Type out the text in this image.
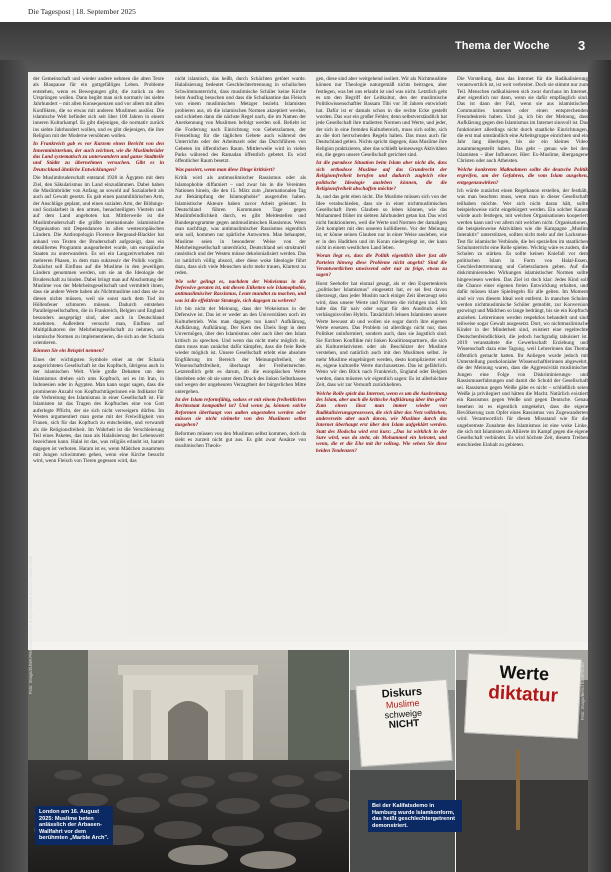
Die Tagespost | 18. September 2025
Thema der Woche 3

der Gemeinschaft und wieder andere nehmen die alten Texte als Blaupause für ein gottgefälliges Leben. Probleme entstehen, wenn es Bewegungen gibt, die zurück zu den Ursprüngen wollen. Dann begibt man sich normativ ins siebte Jahrhundert – mit allen Konsequenzen und vor allem mit allen Konflikten, die so etwas mit anderen Muslimen auslöst. Die islamische Welt befindet sich seit über 100 Jahren in einem inneren Kulturkampf. Es gibt diejenigen, die normativ zurück ins siebte Jahrhundert wollen, und es gibt diejenigen, die ihre Religion mit der Moderne versöhnen wollen.

In Frankreich gab es vor Kurzem einen Bericht von den Innenministerium, der auch zeichnet, wie die Muslimbrüder das Land systematisch zu unterwandern und ganze Stadtteile und Städte zu übernehmen versuchen. Gibt es in Deutschland ähnliche Entwicklungen?

Die Muslimbruderschaft entstand 1928 in Ägypten mit dem Ziel, den Säkularismus im Land einzudämmen. Dabei haben die Muslimbrüder von Anfang an sowohl auf Sozialarbeit als auch auf Gewalt gesetzt. Es gab einen paramilitärischen Arm, der Anschläge geplant, und einen sozialen Arm, der Bildungs- und Sozialarbeit in den armen, benachteiligten Vierteln und auf dem Land angeboten hat. Mittlerweile ist die Muslimbruderschaft die größte internationale islamistische Organisation mit Dependancen in allen westeuropäischen Ländern. Die Anthropologin Florence Bergeaud-Blackler hat anhand von Texten der Bruderschaft aufgezeigt, dass ein detailliertes Programm ausgearbeitet wurde, um europäische Staaten zu unterwandern. Es sei ein Langzeitvorhaben mit mehreren Phasen, in dem man sukzessiv der Politik vorgibt. Zunächst soll Einfluss auf die Muslime in den jeweiligen Ländern genommen werden, um sie an die Ideologie der Bruderschaft zu binden. Dabei bringt man auf Abschottung der Muslime von der Mehrheitsgesellschaft und vermittelt ihnen, dass sie andere Werte haben als Nichtmuslime und dass sie zu diesen nichts müssen, weil sie sonst nach dem Tod im Höllenfeuer schmoren müssen. Dadurch entstehen Parallelgesellschaften, die in Frankreich, Belgien und England besonders ausgeprägt sind, aber auch in Deutschland zunehmen. Außerdem versucht man, Einfluss auf Multiplikatoren der Mehrheitsgesellschaft zu nehmen, um islamische Normen zu implementieren, die sich an der Scharia orientieren.

Können Sie ein Beispiel nennen?

Eines der wichtigsten Symbole einer an der Scharia ausgerichteten Gesellschaft ist das Kopftuch, übrigens auch in der islamischen Welt. Viele große Debatten um den Islamismus drehen sich ums Kopftuch, sei es im Iran, in Indonesien oder in Ägypten. Man kann sogar sagen, dass die prominente Anzahl von Kopftuchträgerinnen ein Indikator für die Verbreitung des Islamismus in einer Gesellschaft ist. Für Islamisten ist das Tragen des Kopftuches eine von Gott auferlegte Pflicht, der sie sich nicht verweigern dürfen. Im Westen argumentiert man gerne mit der Freiwilligkeit von Frauen, sich für das Kopftuch zu entscheiden, und verwandt als die Religionsfreiheit. Im Wahrheit ist die Verschleierung Teil eines Paketes, das man als Halalisierung der Lebenswelt bezeichnen kann. Halal ist das, was religiös erlaubt ist, haram dagegen ist verboten. Haram ist es, wenn Mädchen zusammen mit Jungen schwimmen gehen, wenn eine Kirche besucht wird, wenn Fleisch von Tieren gegessen wird, das

nicht islamisch, das heißt, durch Schächten getötet wurde. Halalisierung bedeutet Geschlechtertrennung in schulischen Schwimmunterricht, dass muslimische Schüler keine Kirche beim Ausflug besuchen und dass die Schulkantine das Fleisch von einem muslimischen Metzger bezieht. Islamisten probieren aus, ob die islamischen Normen akzeptiert werden, und schieben dann die nächste Regel nach, die im Namen der Anerkennung von Muslimen befolgt werden soll. Beliebt ist die Forderung nach Einrichtung von Gebetsräumen, der Freistellung für die täglichen Gebete auch während des Unterrichts oder der Arbeitszeit oder das Durchführen von Gebeten im öffentlichen Raum. Mittlerweile wird in vielen Parks während des Ramadan öffentlich gebetet. Es wird öffentlicher Raum besetzt.

Was passiert, wenn man diese Dinge kritisiert?

Kritik wird als antimuslimischer Rassismus oder als Islamophobie diffamiert – und zwar bis in die Vereinten Nationen hinein, die den 15. März zum „Internationalen Tag zur Bekämpfung der Islamophobie" ausgerufen haben. Islamistische Akteure haben zuvor Arbeit geleistet. In Deutschland führen Kommunen Tage gegen Muslimfeindlichkeit durch, es gibt Meldestellen und Bundesprogramme gegen antimuslimischen Rassismus. Wenn man nachfragt, was antimuslimischer Rassismus eigentlich sein soll, kommen nur spärliche Antworten. Man behauptet, Muslime seien in besonderer Weise von der Mehrheitsgesellschaft unterdrückt, Deutschland sei strukturell rassistisch und der Westen müsse dekolonialisiert werden. Das ist natürlich völlig absurd, aber diese woke Ideologie führt dazu, dass sich viele Menschen nicht mehr trauen, Klartext zu reden.

Wie sehr gelingt es, nachdem der Wokeismus in die Defensive geraten ist, mit diesen Etiketten wie Islamophobie, antimuslimischer Rassismus, Leute mundtot zu machen, und was ist die effektivste Strategie, sich dagegen zu wehren?

Ich bin nicht der Meinung, dass der Wokeismus in der Defensive ist. Das ist er weder an den Universitäten noch im Kulturbetrieb. Was man dagegen tun kann? Aufklärung, Aufklärung, Aufklärung. Der Kern des Übels liegt in dem Unvermögen, über den Islamismus oder auch über den Islam kritisch zu sprechen. Und wenn das nicht mehr möglich ist, dann muss man zunächst dafür kämpfen, dass die freie Rede wieder möglich ist. Unsere Gesellschaft erlebt eine absolute Engführung im Bereich der Meinungsfreiheit, der Wissenschaftsfreiheit, überhaupt der Freiheitsrechte. Letztendlich geht es darum, ob die europäischen Werte überleben oder ob sie unter dem Druck des linken Selbsthasses und wegen der ungeheuren Verzagtheit der bürgerlichen Mitte untergehen.

Ist der Islam reformfähig, sodass er mit einem freiheitlichen Rechtsstaat kompatibel ist? Und wenn ja, können solche Reformen überhaupt von außen angestoßen werden oder müssen sie nicht vielmehr von den Muslimen selbst ausgehen?

Reformen müssen von den Muslimen selbst kommen, doch da sieht es zurzeit nicht gut aus. Es gibt zwar Ansätze von muslimischen Theolo-

gen, diese sind aber weitgehend isoliert. Wir als Nichtmuslime können nur Theologie naturgemäß nichts beitragen, aber festlegen, was bei uns erlaubt ist und was nicht. Letztlich geht es um den Begriff der Leitkultur, den der muslimische Politikwissenschaftler Bassam Tibi vor 30 Jahren entwickelt hat. Dafür ist er damals schon in die rechte Ecke gestellt worden. Das war ein großer Fehler, denn selbstverständlich hat jede Gesellschaft ihre tradierten Normen und Werte, und jeder, der sich in eine fremden Kulturbereich, muss sich sollte, sich an die dort herrschenden Regeln halten. Das muss auch für Deutschland gelten. Nichts spricht dagegen, dass Muslime ihre Religion praktizieren, aber das schließt keineswegs Aktivitäten ein, die gegen unsere Gesellschaft gerichtet sind.

Ist die paradoxe Situation beim Islam aber nicht die, dass sich orthodoxe Muslime auf das Grundrecht der Religionsfreiheit berufen und dadurch zugleich eine politische Ideologie ausleben können, die die Religionsfreiheit abschaffen möchte?

Ja, und das geht eben nicht. Die Muslime müssen sich von der Idee verabschieden, dass sie in einer nichtmuslimischen Gesellschaft ihren Glauben so leben können, wie das Mohammed früher im siebten Jahrhundert getan hat. Das wird nicht funktionieren, weil die Werte und Normen der damaligen Zeit komplett mit den unseren kollidieren. Vor der Meinung ist, er könne seinen Glauben nur in einer Weise ausleben, wie er in den Hadithen und im Koran niedergelegt ist, der kann nicht in einem westlichen Land leben.

Woran liegt es, dass die Politik eigentlich über fast alle Parteien hinweg diese Probleme nicht angeht? Sind die Verantwortlichen unwissend oder nur zu feige, etwas zu sagen?

Horst Seehofer hat einmal gesagt, als er den Expertenkreis „politischer Islamismus" eingesetzt hat, er sei fest davon überzeugt, dass jeder Muslim nach einiger Zeit überzeugt sein wird, dass unsere Werte und Normen die richtigen sind. Ich halte das für naiv oder sogar für den Ausdruck einer verhängnisvollen Hybris. Tatsächlich lehnen Islamisten unsere Werte bewusst ab und wollen sie sogar durch ihre eigenen Werte ersetzen. Das Problem ist allerdings nicht nur, dass Politiker uninformiert, sondern auch, dass sie ängstlich sind. Sie fürchten Konflikte mit linken Koalitionspartnern, die sich als Kulturrelativisten oder als Beschützer der Muslime verstehen, und natürlich auch mit den Muslimen selbst. Je mehr Muslime eingebürgert werden, desto komplizierter wird es, eigene kulturelle Werte durchzusetzen. Das ist gefährlich. Wenn wir den Blick nach Frankreich, England oder Belgien werden, dann müssten wir eigentlich sagen: Es ist allerhöchste Zeit, dass wir zur Vernunft zurückkehren.

Welche Rolle spielt das Internet, wenn es um die Ausbreitung des Islam, aber auch die kritische Aufklärung über ihn geht? Zum einen lässt man immer wieder von Radikalisierungsprozessen, die sich über das Netz vollziehen, andererseits aber auch davon, wie Muslime durch das Internet überhaupt erst über den Islam aufgeklärt werden. Statt des Hodscha wird erst kurz: „Das ist wirklich in der Sure wird, was da steht, als Mohammed ein heiratet, und wenn, die er die Ehe mit ihr vollzog. Wie sehen Sie diese beiden Tendenzen?

Die Vorstellung, dass das Internet für die Radikalisierung verantwortlich ist, ist weit verbreitet. Doch sie stimmt nur zum Teil. Menschen radikalisieren sich zwar durchaus im Internet, aber eigentlich nur dann, wenn sie dafür empfänglich sind. Das ist dann der Fall, wenn sie aus islamistischen Communities kommen oder einen entsprechenden Freundeskreis haben. Und ja, ich bin der Meinung, dass Aufklärung gegen den Islamismus im Internet sinnvoll ist. Das funktioniert allerdings nicht durch staatliche Einrichtungen, die erst mal umständlich eine Arbeitsgruppe einrichten und ein Jahr lang überlegen, bis sie ein kleines Video zusammengestellt haben. Das geht – genau wie bei den Islamisten – über Influencer. Hier: Ex-Muslime, übergangene Christen oder auch Atheisten.

Welche konkreten Maßnahmen sollte die deutsche Politik ergreifen, um der Gefahren, die vom Islam ausgehen, entgegenzuwirken?

Ich würde zunächst einen Regelkanon erstellen, der festhält, was man beachten muss, wenn man in dieser Gesellschaft teilhaben möchte. Wer sich nicht daran hält, sollte beispielsweise nicht eingebürgert werden. Ein solcher Kanon würde auch festlegen, mit welchen Organisationen kooperiert werden kann und vor allem mit welchen nicht. Organisationen, die beispielsweise Aktivitäten wie die Kampagne „Muslim Interaktiv" unterstützen, sollten nicht mehr auf der Lacksmus-Test für islamische Verbünde, die bei speziellen im staatlichen Schulunterricht eine Rolle spielen. Wichtig wäre es zudem, die Schulen zu stärken. Es sollte keinen Kniefall vor dem politischen Islam in Form von Halal-Essen, Geschlechtertrennung und Gebetsräumen geben. Auf die diskriminierenden Wirkungen islamistischer Normen sollte hingewiesen werden. Das Ziel ist doch klar: Jedes Kind soll die Chance einer eigenen freien Entwicklung erhalten, und dafür müssen klare Spielregeln für alle gelten. Im Moment sind wir von diesem Ideal weit entfernt. In manchen Schulen werden nichtmuslimische Schüler gemobbt, zur Konversion gezwingt und Mädchen so lange bedrängt, bis sie ein Kopftuch anziehen. Lehrerinnen werden respektlos behandelt und sind teilweise sogar Gewalt ausgesetzt. Dort, wo nichtmuslimische Kinder in der Minderheit sind, existiert eine regelrechte Deutschenfeindlichkeit, die jedoch hochgradig tabuisiert ist. 2019 veranstaltete die Gewerkschaft Erziehung und Wissenschaft dazu eine Tagung, weil Lehrerinnen das Thema öffentlich gemacht hatten. Ihr Anliegen wurde jedoch mit Unterstellung postkolonialer Wissenschaftlerinnen abgewehrt, die der Meinung waren, dass die Aggressivität muslimischer Jungen eine Folge von Diskriminierungs- und Rassismuserfahrungen und damit die Schuld der Gesellschaft sei. Rassismus gegen Weiße gäbe es nicht – schließlich seien Weiße ja privilegiert und hätten die Macht. Natürlich existiert ein Rassismus gegen Weiße und gegen Deutsche. Genau besehen ist es eigentlich umgekehrt, dass die eigene Bevölkerung zum Opfer eines Rassismus von Zugewanderten wird. Verantwortlich für diesen Missstand wie für die ungebremste Zunahme des Islamismus ist eine woke Linke, die sich mit Islamisten als Alliierte im Kampf gegen die eigene Gesellschaft verbündet. Es wird höchste Zeit, diesem Treiben entschieden Einhalt zu gebieten.

Diskurs
Muslime
schweige
NICHT
Werte
diktatur
London am 16. August 2025: Muslime beten anlässlich der Arbaeen-Wallfahrt vor dem berühmten „Marble Arch".
Bei der Kalifatsdemo in Hamburg wurde Islamkonform, das heißt geschlechtergetrennt demonstriert.
Foto: Imago/ZUMA Press Wire / Foto: Imago/Markus Scholz / Adobe Stock	Foto: Imago/Bernd Elmenthaler
